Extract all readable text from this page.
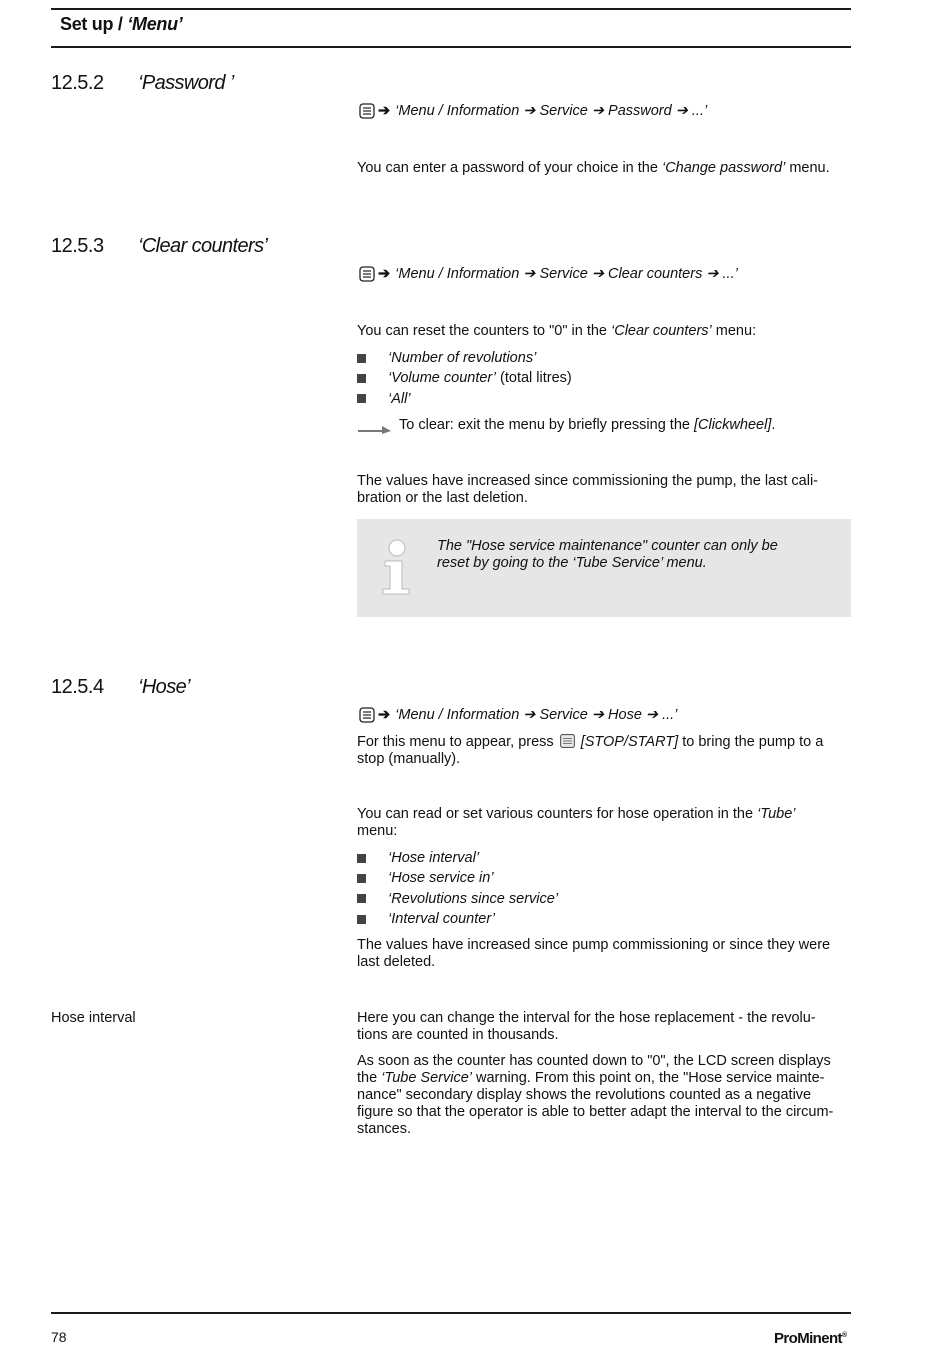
Set up / ‘Menu’
12.5.2 ‘Password ’
➔ ‘Menu / Information ➔ Service ➔ Password ➔ ...’
You can enter a password of your choice in the ‘Change password’ menu.
12.5.3 ‘Clear counters’
➔ ‘Menu / Information ➔ Service ➔ Clear counters ➔ ...’
You can reset the counters to "0" in the ‘Clear counters’ menu:
‘Number of revolutions’
‘Volume counter’
(total litres)
‘All’
To clear: exit the menu by briefly pressing the [Clickwheel].
The values have increased since commissioning the pump, the last cali-
bration or the last deletion.
The "Hose service maintenance" counter can only be
reset by going to the ‘Tube Service’ menu.
12.5.4 ‘Hose’
➔ ‘Menu / Information ➔ Service ➔ Hose ➔ ...’
For this menu to appear, press [STOP/START] to bring the pump to a
stop (manually).
You can read or set various counters for hose operation in the ‘Tube’
menu:
‘Hose interval’
‘Hose service in’
‘Revolutions since service’
‘Interval counter’
The values have increased since pump commissioning or since they were
last deleted.
Hose interval	Here you can change the interval for the hose replacement - the revolu-
tions are counted in thousands.
As soon as the counter has counted down to "0", the LCD screen displays
the ‘Tube Service’ warning. From this point on, the "Hose service mainte-
nance" secondary display shows the revolutions counted as a negative
figure so that the operator is able to better adapt the interval to the circum-
stances.
78	ProMinent®
